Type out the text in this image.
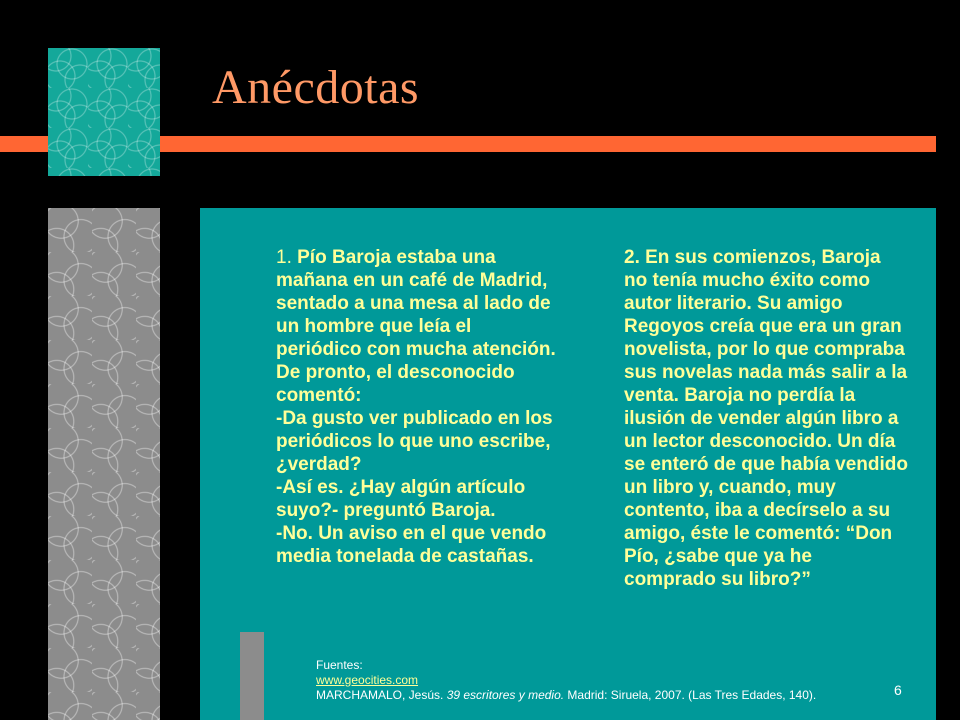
Anécdotas
1. Pío Baroja estaba una mañana en un café de Madrid, sentado a una mesa al lado de un hombre que leía el periódico con mucha atención.
De pronto, el desconocido comentó:
-Da gusto ver publicado en los periódicos lo que uno escribe, ¿verdad?
-Así es. ¿Hay algún artículo suyo?- preguntó Baroja.
-No. Un aviso en el que vendo media tonelada de castañas.
2. En sus comienzos, Baroja no tenía mucho éxito como autor literario. Su amigo Regoyos creía que era un gran novelista, por lo que compraba sus novelas nada más salir a la venta. Baroja no perdía la ilusión de vender algún libro a un lector desconocido. Un día se enteró de que había vendido un libro y, cuando, muy contento, iba a decírselo a su amigo, éste le comentó: “Don Pío, ¿sabe que ya he comprado su libro?”
Fuentes:
www.geocities.com
MARCHAMALO, Jesús. 39 escritores y medio. Madrid: Siruela, 2007. (Las Tres Edades, 140).	6
